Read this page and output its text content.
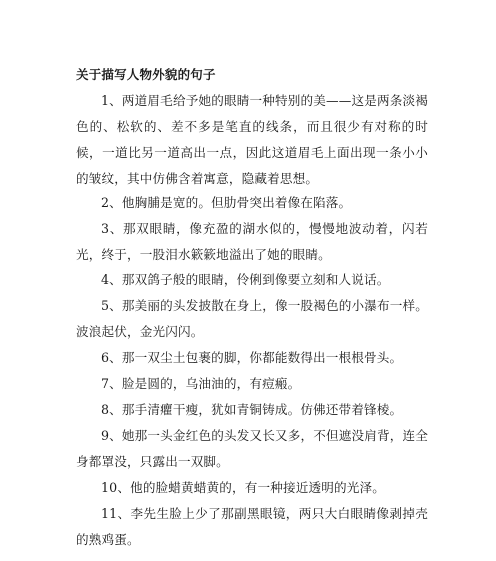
关于描写人物外貌的句子

1、两道眉毛给予她的眼睛一种特别的美——这是两条淡褐色的、松软的、差不多是笔直的线条，而且很少有对称的时候，一道比另一道高出一点，因此这道眉毛上面出现一条小小的皱纹，其中仿佛含着寓意，隐藏着思想。

2、他胸脯是宽的。但肋骨突出着像在陷落。

3、那双眼睛，像充盈的湖水似的，慢慢地波动着，闪若光，终于，一股泪水簌簌地溢出了她的眼睛。

4、那双鸽子般的眼睛，伶俐到像要立刻和人说话。

5、那美丽的头发披散在身上，像一股褐色的小瀑布一样。波浪起伏，金光闪闪。

6、那一双尘土包裹的脚，你都能数得出一根根骨头。

7、脸是圆的，乌油油的，有痘瘢。

8、那手清癯干瘦，犹如青铜铸成。仿佛还带着锋棱。

9、她那一头金红色的头发又长又多，不但遮没肩背，连全身都罩没，只露出一双脚。

10、他的脸蜡黄蜡黄的，有一种接近透明的光泽。

11、李先生脸上少了那副黑眼镜，两只大白眼睛像剥掉壳的熟鸡蛋。
